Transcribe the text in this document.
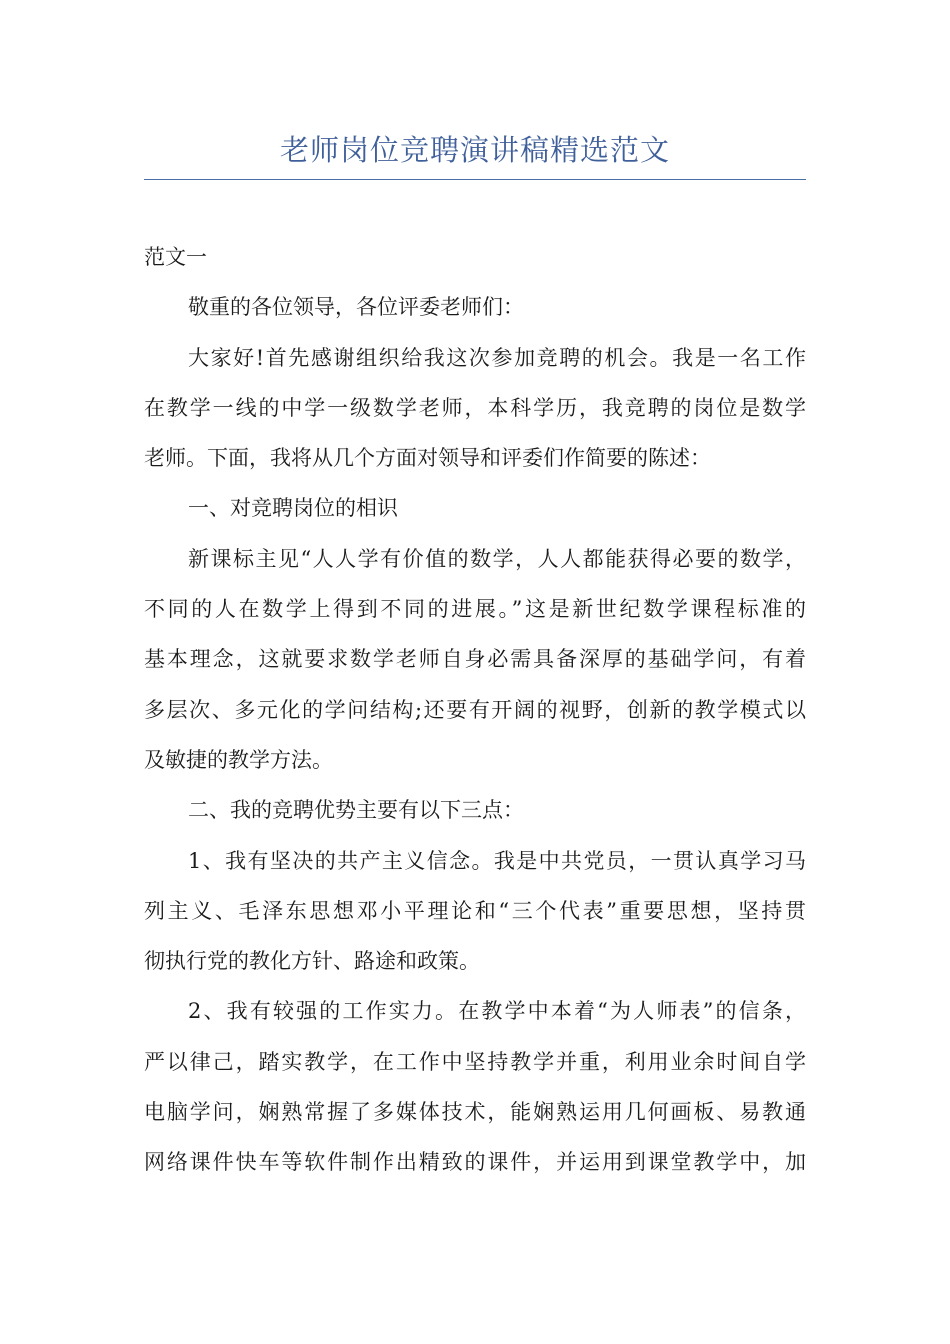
老师岗位竞聘演讲稿精选范文
范文一
敬重的各位领导，各位评委老师们：
大家好!首先感谢组织给我这次参加竞聘的机会。我是一名工作
在教学一线的中学一级数学老师，本科学历，我竞聘的岗位是数学
老师。下面，我将从几个方面对领导和评委们作简要的陈述：
一、对竞聘岗位的相识
新课标主见“人人学有价值的数学，人人都能获得必要的数学，
不同的人在数学上得到不同的进展。”这是新世纪数学课程标准的
基本理念，这就要求数学老师自身必需具备深厚的基础学问，有着
多层次、多元化的学问结构;还要有开阔的视野，创新的教学模式以
及敏捷的教学方法。
二、我的竞聘优势主要有以下三点：
1、我有坚决的共产主义信念。我是中共党员，一贯认真学习马
列主义、毛泽东思想邓小平理论和“三个代表”重要思想，坚持贯
彻执行党的教化方针、路途和政策。
2、我有较强的工作实力。在教学中本着“为人师表”的信条，
严以律己，踏实教学，在工作中坚持教学并重，利用业余时间自学
电脑学问，娴熟常握了多媒体技术，能娴熟运用几何画板、易教通
网络课件快车等软件制作出精致的课件，并运用到课堂教学中，加
